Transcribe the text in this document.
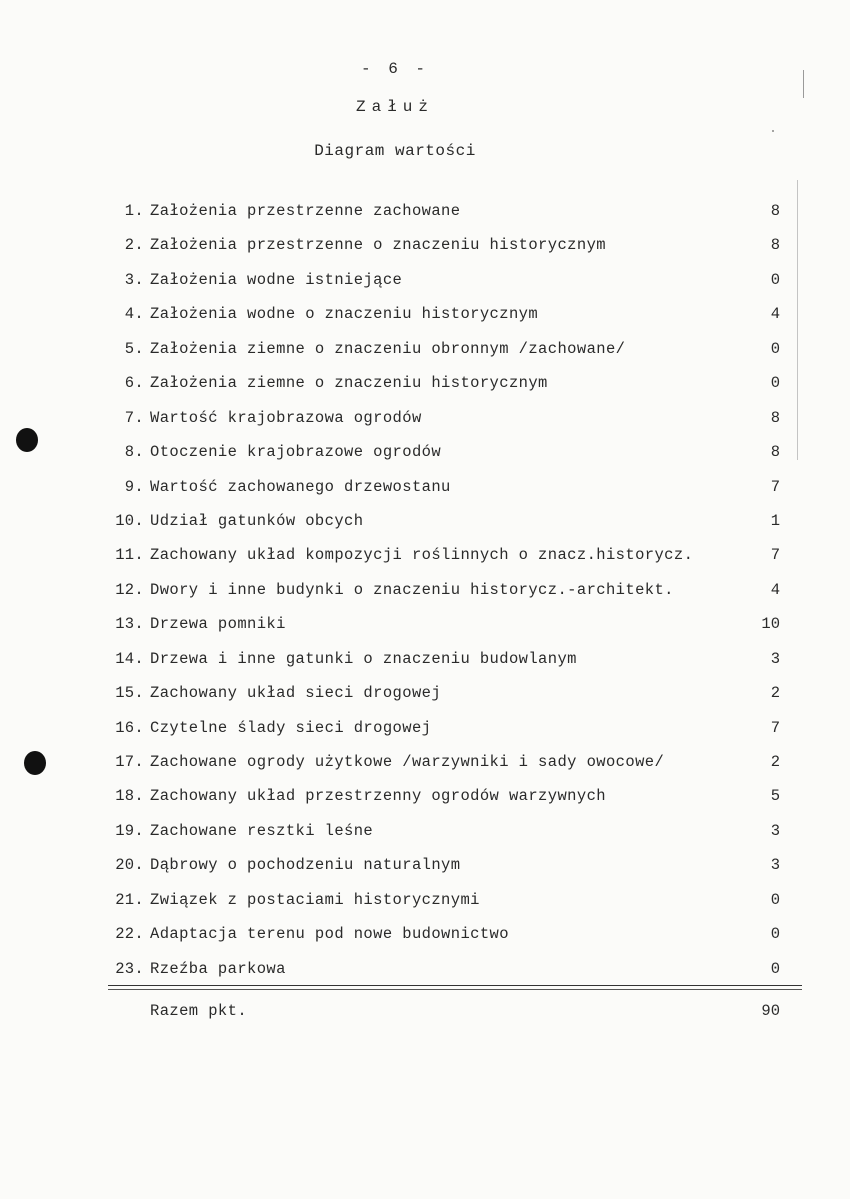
- 6 -
Załuż
Diagram wartości
1. Założenia przestrzenne zachowane	8
2. Założenia przestrzenne o znaczeniu historycznym	8
3. Założenia wodne istniejące	0
4. Założenia wodne o znaczeniu historycznym	4
5. Założenia ziemne o znaczeniu obronnym /zachowane/	0
6. Założenia ziemne o znaczeniu historycznym	0
7. Wartość krajobrazowa ogrodów	8
8. Otoczenie krajobrazowe ogrodów	8
9. Wartość zachowanego drzewostanu	7
10. Udział gatunków obcych	1
11. Zachowany układ kompozycji roślinnych o znacz.historycz.	7
12. Dwory i inne budynki o znaczeniu historycz.-architekt.	4
13. Drzewa pomniki	10
14. Drzewa i inne gatunki o znaczeniu budowlanym	3
15. Zachowany układ sieci drogowej	2
16. Czytelne ślady sieci drogowej	7
17. Zachowane ogrody użytkowe /warzywniki i sady owocowe/	2
18. Zachowany układ przestrzenny ogrodów warzywnych	5
19. Zachowane resztki leśne	3
20. Dąbrowy o pochodzeniu naturalnym	3
21. Związek z postaciami historycznymi	0
22. Adaptacja terenu pod nowe budownictwo	0
23. Rzeźba parkowa	0
Razem pkt.	90
